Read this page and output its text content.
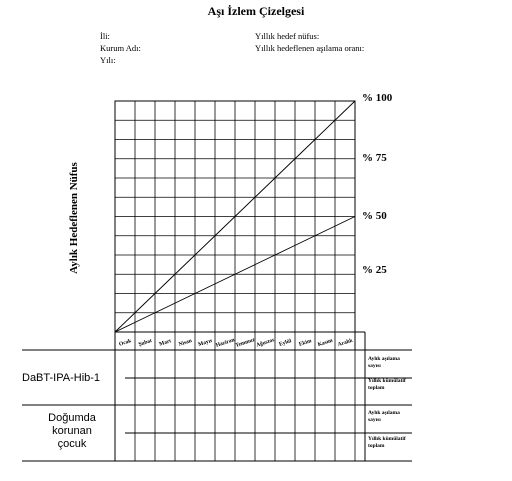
Aşı İzlem Çizelgesi
İli:
Kurum Adı:
Yılı:
Yıllık hedef nüfus:
Yıllık hedeflenen aşılama oranı:
Ocak Şubat Mart Nisan Mayıs Haziran Temmuz Ağustos Eylül Ekim Kasım Aralık
% 100
% 75
% 50
% 25
Aylık Hedeflenen Nüfus
DaBT-IPA-Hib-1
Doğumda
korunan
çocuk
Aylık aşılama
sayısı
Yıllık kümülatif
toplam
Aylık aşılama
sayısı
Yıllık kümülatif
toplam
